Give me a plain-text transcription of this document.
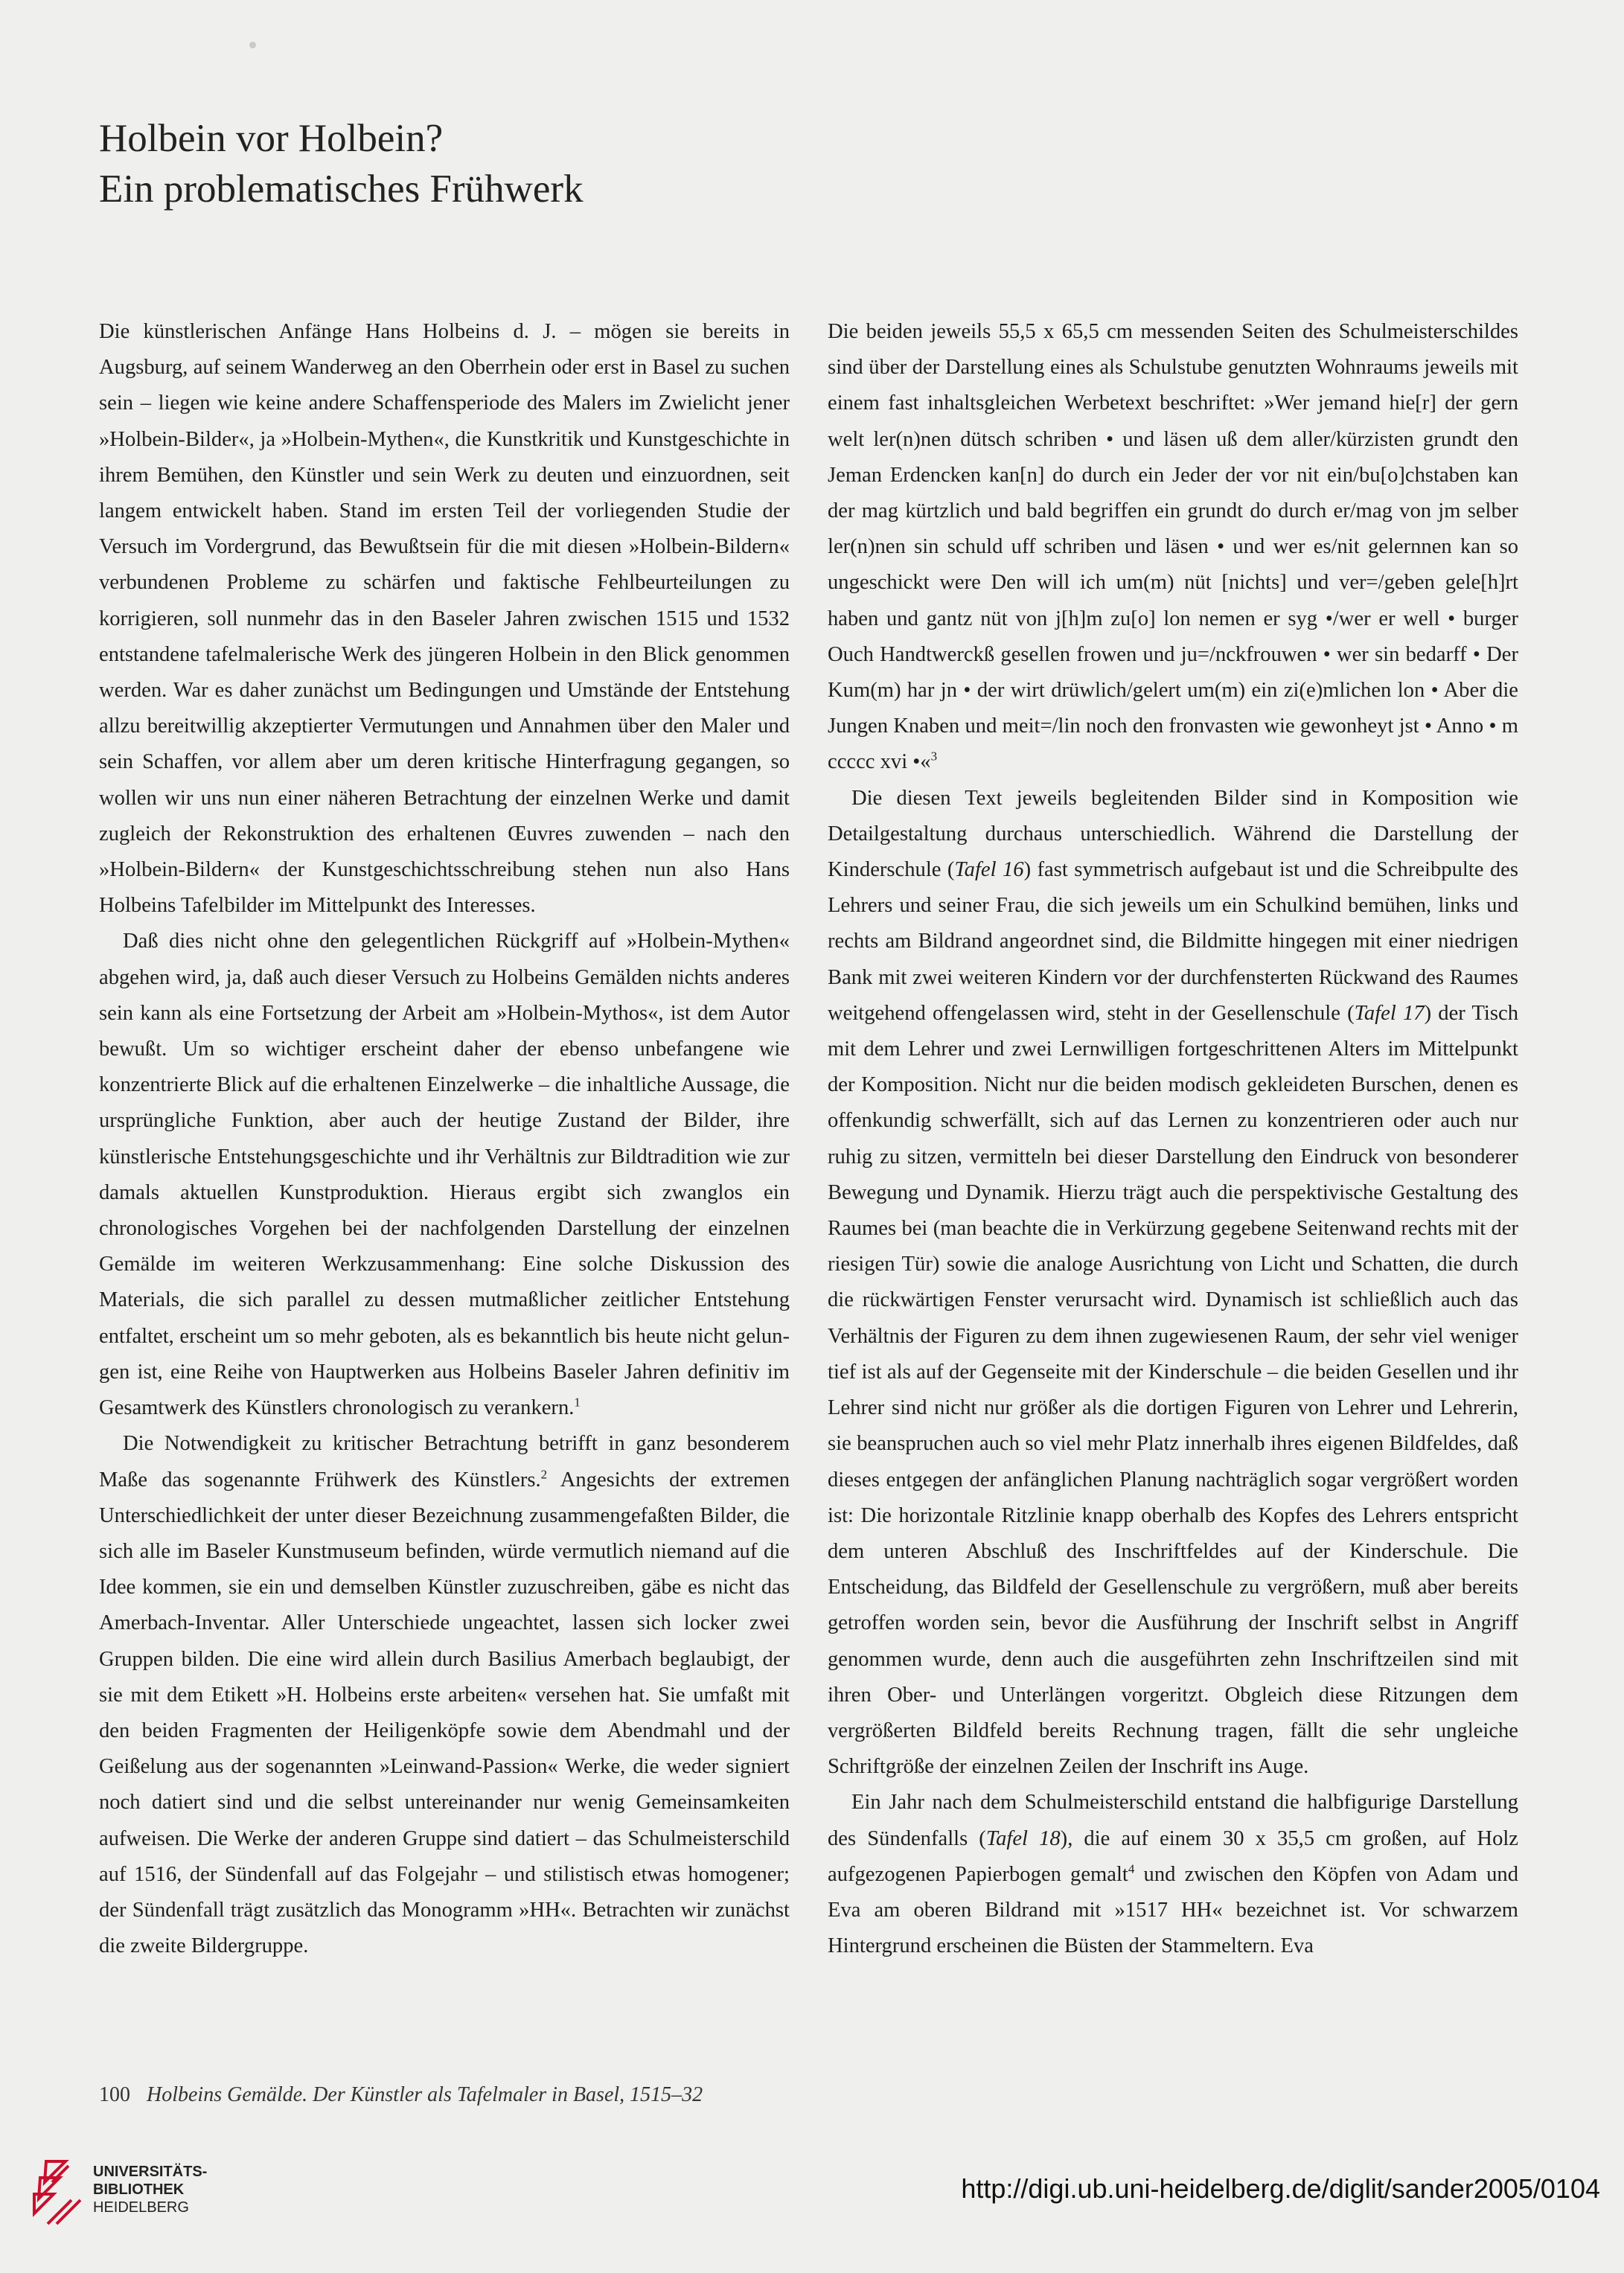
Holbein vor Holbein?
Ein problematisches Frühwerk

Die künstlerischen Anfänge Hans Holbeins d. J. – mögen sie bereits in Augsburg, auf seinem Wanderweg an den Oberrhein oder erst in Basel zu suchen sein – liegen wie keine andere Schaffensperiode des Malers im Zwielicht jener »Holbein-Bilder«, ja »Holbein-Mythen«, die Kunstkritik und Kunstgeschichte in ihrem Bemühen, den Künstler und sein Werk zu deuten und einzuordnen, seit langem entwickelt haben. Stand im ersten Teil der vorliegenden Studie der Versuch im Vordergrund, das Bewußtsein für die mit diesen »Holbein-Bildern« verbundenen Probleme zu schärfen und faktische Fehlbeurteilungen zu korrigieren, soll nunmehr das in den Baseler Jahren zwischen 1515 und 1532 entstandene tafelmalerische Werk des jüngeren Holbein in den Blick genommen werden. War es daher zunächst um Bedingungen und Umstände der Entstehung allzu bereitwillig akzeptierter Vermutungen und Annahmen über den Maler und sein Schaffen, vor allem aber um deren kritische Hinterfragung gegangen, so wollen wir uns nun einer näheren Betrachtung der einzelnen Werke und damit zugleich der Rekonstruktion des erhaltenen Œuvres zuwenden – nach den »Holbein-Bildern« der Kunstgeschichtsschreibung stehen nun also Hans Holbeins Tafelbilder im Mittelpunkt des Interesses.

Daß dies nicht ohne den gelegentlichen Rückgriff auf »Holbein-Mythen« abgehen wird, ja, daß auch dieser Versuch zu Holbeins Gemälden nichts anderes sein kann als eine Fortsetzung der Arbeit am »Holbein-Mythos«, ist dem Autor bewußt. Um so wichtiger erscheint daher der ebenso unbefangene wie konzentrierte Blick auf die erhaltenen Einzelwerke – die inhaltliche Aussage, die ursprüngliche Funktion, aber auch der heutige Zustand der Bilder, ihre künstlerische Entstehungsgeschichte und ihr Verhältnis zur Bildtradition wie zur damals aktuellen Kunstproduktion. Hieraus ergibt sich zwanglos ein chronologisches Vorgehen bei der nachfolgenden Darstellung der einzelnen Gemälde im weiteren Werkzusammenhang: Eine solche Diskussion des Materials, die sich parallel zu dessen mutmaßlicher zeitlicher Entstehung entfaltet, erscheint um so mehr geboten, als es bekanntlich bis heute nicht gelungen ist, eine Reihe von Hauptwerken aus Holbeins Baseler Jahren definitiv im Gesamtwerk des Künstlers chronologisch zu verankern.$^1$

Die Notwendigkeit zu kritischer Betrachtung betrifft in ganz besonderem Maße das sogenannte Frühwerk des Künstlers.$^2$ Angesichts der extremen Unterschiedlichkeit der unter dieser Bezeichnung zusammengefaßten Bilder, die sich alle im Baseler Kunstmuseum befinden, würde vermutlich niemand auf die Idee kommen, sie ein und demselben Künstler zuzuschreiben, gäbe es nicht das Amerbach-Inventar. Aller Unterschiede ungeachtet, lassen sich locker zwei Gruppen bilden. Die eine wird allein durch Basilius Amerbach beglaubigt, der sie mit dem Etikett »H. Holbeins erste arbeiten« versehen hat. Sie umfaßt mit den beiden Fragmenten der Heiligenköpfe sowie dem Abendmahl und der Geißelung aus der sogenannten »Leinwand-Passion« Werke, die weder signiert noch datiert sind und die selbst untereinander nur wenig Gemeinsamkeiten aufweisen. Die Werke der anderen Gruppe sind datiert – das Schulmeisterschild auf 1516, der Sündenfall auf das Folgejahr – und stilistisch etwas homogener; der Sündenfall trägt zusätzlich das Monogramm »HH«. Betrachten wir zunächst die zweite Bildergruppe.

Die beiden jeweils 55,5 x 65,5 cm messenden Seiten des Schulmeisterschildes sind über der Darstellung eines als Schulstube genutzten Wohnraums jeweils mit einem fast inhaltsgleichen Werbetext beschriftet: »Wer jemand hie[r] der gern welt ler(n)nen dütsch schriben • und läsen uß dem aller/kürzisten grundt den Jeman Erdencken kan[n] do durch ein Jeder der vor nit ein/bu[o]chstaben kan der mag kürtzlich und bald begriffen ein grundt do durch er/mag von jm selber ler(n)nen sin schuld uff schriben und läsen • und wer es/nit gelernnen kan so ungeschickt were Den will ich um(m) nüt [nichts] und ver=/geben gele[h]rt haben und gantz nüt von j[h]m zu[o] lon nemen er syg •/wer er well • burger Ouch Handtwerckß gesellen frowen und ju=/nckfrouwen • wer sin bedarff • Der Kum(m) har jn • der wirt drüwlich/gelert um(m) ein zi(e)mlichen lon • Aber die Jungen Knaben und meit=/lin noch den fronvasten wie gewonheyt jst • Anno • m ccccc xvi •«$^3$

Die diesen Text jeweils begleitenden Bilder sind in Komposition wie Detailgestaltung durchaus unterschiedlich. Während die Darstellung der Kinderschule (Tafel 16) fast symmetrisch aufgebaut ist und die Schreibpulte des Lehrers und seiner Frau, die sich jeweils um ein Schulkind bemühen, links und rechts am Bildrand angeordnet sind, die Bildmitte hingegen mit einer niedrigen Bank mit zwei weiteren Kindern vor der durchfensterten Rückwand des Raumes weitgehend offengelassen wird, steht in der Gesellenschule (Tafel 17) der Tisch mit dem Lehrer und zwei Lernwilligen fortgeschrittenen Alters im Mittelpunkt der Komposition. Nicht nur die beiden modisch gekleideten Burschen, denen es offenkundig schwerfällt, sich auf das Lernen zu konzentrieren oder auch nur ruhig zu sitzen, vermitteln bei dieser Darstellung den Eindruck von besonderer Bewegung und Dynamik. Hierzu trägt auch die perspektivische Gestaltung des Raumes bei (man beachte die in Verkürzung gegebene Seitenwand rechts mit der riesigen Tür) sowie die analoge Ausrichtung von Licht und Schatten, die durch die rückwärtigen Fenster verursacht wird. Dynamisch ist schließlich auch das Verhältnis der Figuren zu dem ihnen zugewiesenen Raum, der sehr viel weniger tief ist als auf der Gegenseite mit der Kinderschule – die beiden Gesellen und ihr Lehrer sind nicht nur größer als die dortigen Figuren von Lehrer und Lehrerin, sie beanspruchen auch so viel mehr Platz innerhalb ihres eigenen Bildfeldes, daß dieses entgegen der anfänglichen Planung nachträglich sogar vergrößert worden ist: Die horizontale Ritzlinie knapp oberhalb des Kopfes des Lehrers entspricht dem unteren Abschluß des Inschriftfeldes auf der Kinderschule. Die Entscheidung, das Bildfeld der Gesellenschule zu vergrößern, muß aber bereits getroffen worden sein, bevor die Ausführung der Inschrift selbst in Angriff genommen wurde, denn auch die ausgeführten zehn Inschriftzeilen sind mit ihren Ober- und Unterlängen vorgeritzt. Obgleich diese Ritzungen dem vergrößerten Bildfeld bereits Rechnung tragen, fällt die sehr ungleiche Schriftgröße der einzelnen Zeilen der Inschrift ins Auge.

Ein Jahr nach dem Schulmeisterschild entstand die halbfigurige Darstellung des Sündenfalls (Tafel 18), die auf einem 30 x 35,5 cm großen, auf Holz aufgezogenen Papierbogen gemalt$^4$ und zwischen den Köpfen von Adam und Eva am oberen Bildrand mit »1517 HH« bezeichnet ist. Vor schwarzem Hintergrund erscheinen die Büsten der Stammeltern. Eva

100 Holbeins Gemälde. Der Künstler als Tafelmaler in Basel, 1515–32
UNIVERSITÄTS-
BIBLIOTHEK
HEIDELBERG
http://digi.ub.uni-heidelberg.de/diglit/sander2005/0104
